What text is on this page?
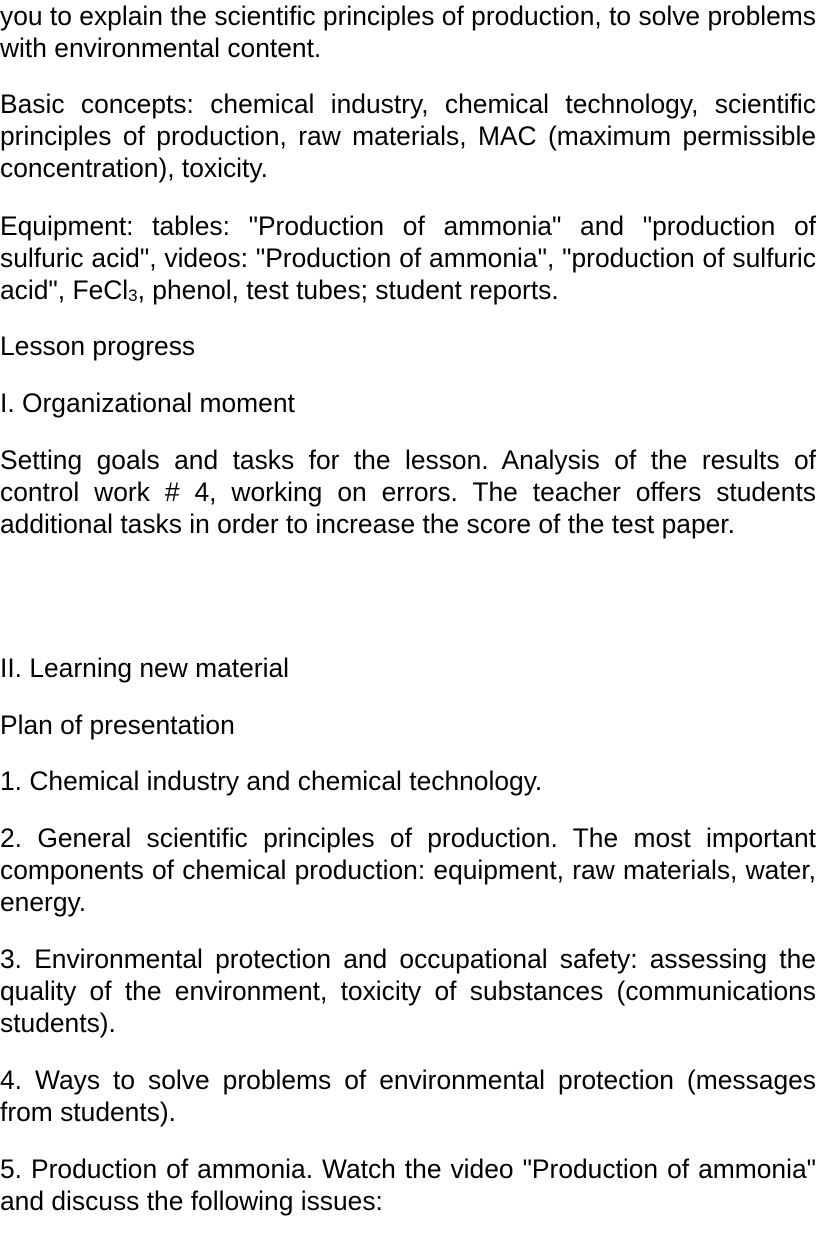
you to explain the scientific principles of production, to solve problems with environmental content.

Basic concepts: chemical industry, chemical technology, scientific principles of production, raw materials, MAC (maximum permissible concentration), toxicity.

Equipment: tables: "Production of ammonia" and "production of sulfuric acid", videos: "Production of ammonia", "production of sulfuric acid", FeCl$_3$, phenol, test tubes; student reports.

Lesson progress

I. Organizational moment

Setting goals and tasks for the lesson. Analysis of the results of control work # 4, working on errors. The teacher offers students additional tasks in order to increase the score of the test paper.

II. Learning new material

Plan of presentation

1. Chemical industry and chemical technology.

2. General scientific principles of production. The most important components of chemical production: equipment, raw materials, water, energy.

3. Environmental protection and occupational safety: assessing the quality of the environment, toxicity of substances (communications students).

4. Ways to solve problems of environmental protection (messages from students).

5. Production of ammonia. Watch the video "Production of ammonia" and discuss the following issues:
